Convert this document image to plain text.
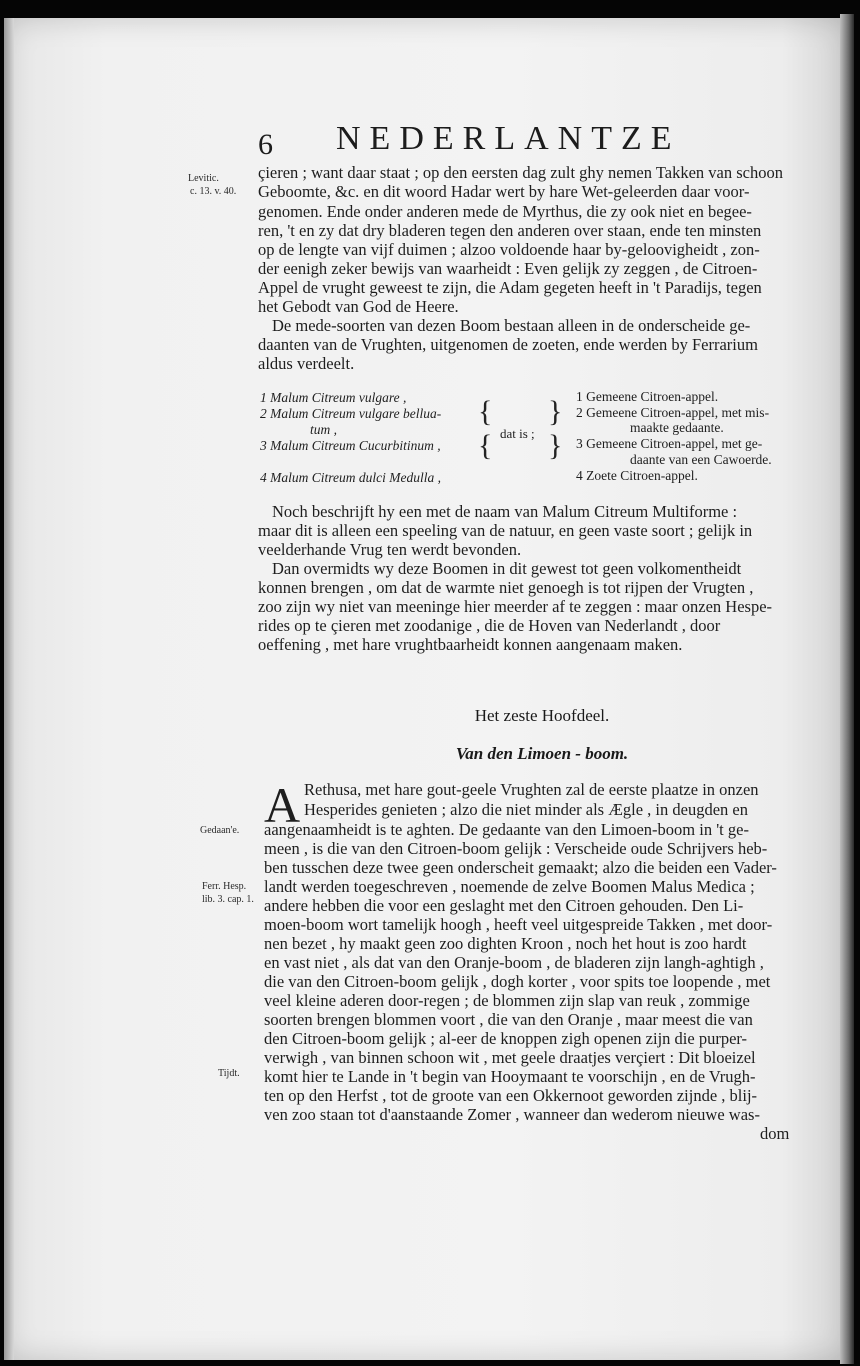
6 NEDERLANTZE
Levitic.
c. 13. v. 40.
Gedaan'e.
Ferr. Hesp.
lib. 3. cap. 1.
Tijdt.
çieren ; want daar staat ; op den eersten dag zult ghy nemen Takken van schoon
Geboomte, &c. en dit woord Hadar wert by hare Wet-geleerden daar voor-
genomen. Ende onder anderen mede de Myrthus, die zy ook niet en begee-
ren, 't en zy dat dry bladeren tegen den anderen over staan, ende ten minsten
op de lengte van vijf duimen ; alzoo voldoende haar by-geloovigheidt , zon-
der eenigh zeker bewijs van waarheidt : Even gelijk zy zeggen , de Citroen-
Appel de vrught geweest te zijn, die Adam gegeten heeft in 't Paradijs, tegen
het Gebodt van God de Heere.
De mede-soorten van dezen Boom bestaan alleen in de onderscheide ge-
daanten van de Vrughten, uitgenomen de zoeten, ende werden by Ferrarium
aldus verdeelt.
1 Malum Citreum vulgare ,
2 Malum Citreum vulgare bellua-
tum ,
3 Malum Citreum Cucurbitinum ,
4 Malum Citreum dulci Medulla ,
{
{ dat is ;
}
}
1 Gemeene Citroen-appel.
2 Gemeene Citroen-appel, met mis-
maakte gedaante.
3 Gemeene Citroen-appel, met ge-
daante van een Cawoerde.
4 Zoete Citroen-appel.
Noch beschrijft hy een met de naam van Malum Citreum Multiforme :
maar dit is alleen een speeling van de natuur, en geen vaste soort ; gelijk in
veelderhande Vrug ten werdt bevonden.
Dan overmidts wy deze Boomen in dit gewest tot geen volkomentheidt
konnen brengen , om dat de warmte niet genoegh is tot rijpen der Vrugten ,
zoo zijn wy niet van meeninge hier meerder af te zeggen : maar onzen Hespe-
rides op te çieren met zoodanige , die de Hoven van Nederlandt , door
oeffening , met hare vrughtbaarheidt konnen aangenaam maken.
Het zeste Hoofdeel.
Van den Limoen - boom.
A Rethusa, met hare gout-geele Vrughten zal de eerste plaatze in onzen
Hesperides genieten ; alzo die niet minder als Ægle , in deugden en
aangenaamheidt is te aghten. De gedaante van den Limoen-boom in 't ge-
meen , is die van den Citroen-boom gelijk : Verscheide oude Schrijvers heb-
ben tusschen deze twee geen onderscheit gemaakt; alzo die beiden een Vader-
landt werden toegeschreven , noemende de zelve Boomen Malus Medica ;
andere hebben die voor een geslaght met den Citroen gehouden. Den Li-
moen-boom wort tamelijk hoogh , heeft veel uitgespreide Takken , met door-
nen bezet , hy maakt geen zoo dighten Kroon , noch het hout is zoo hardt
en vast niet , als dat van den Oranje-boom , de bladeren zijn langh-aghtigh ,
die van den Citroen-boom gelijk , dogh korter , voor spits toe loopende , met
veel kleine aderen door-regen ; de blommen zijn slap van reuk , zommige
soorten brengen blommen voort , die van den Oranje , maar meest die van
den Citroen-boom gelijk ; al-eer de knoppen zigh openen zijn die purper-
verwigh , van binnen schoon wit , met geele draatjes verçiert : Dit bloeizel
komt hier te Lande in 't begin van Hooymaant te voorschijn , en de Vrugh-
ten op den Herfst , tot de groote van een Okkernoot geworden zijnde , blij-
ven zoo staan tot d'aanstaande Zomer , wanneer dan wederom nieuwe was-
dom
